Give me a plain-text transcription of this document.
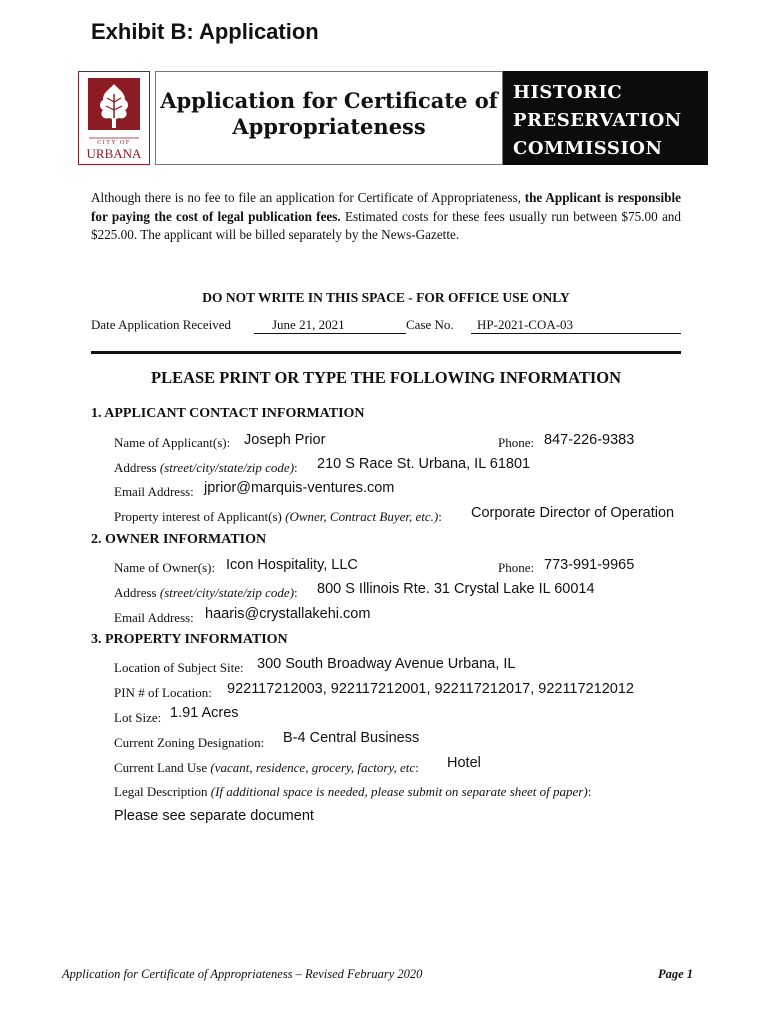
Exhibit B: Application
CITY OF
URBANA
Application for Certificate of
Appropriateness
HISTORIC
PRESERVATION
COMMISSION
Although there is no fee to file an application for Certificate of Appropriateness, the Applicant is responsible for paying the cost of legal publication fees. Estimated costs for these fees usually run between $75.00 and $225.00. The applicant will be billed separately by the News-Gazette.
DO NOT WRITE IN THIS SPACE - FOR OFFICE USE ONLY
Date Application Received	June 21, 2021	Case No.	HP-2021-COA-03
PLEASE PRINT OR TYPE THE FOLLOWING INFORMATION
1. APPLICANT CONTACT INFORMATION
Name of Applicant(s): Joseph Prior	Phone: 847-226-9383
Address (street/city/state/zip code): 210 S Race St. Urbana, IL 61801
Email Address: jprior@marquis-ventures.com
Property interest of Applicant(s) (Owner, Contract Buyer, etc.): Corporate Director of Operation
2. OWNER INFORMATION
Name of Owner(s): Icon Hospitality, LLC	Phone: 773-991-9965
Address (street/city/state/zip code): 800 S Illinois Rte. 31 Crystal Lake IL 60014
Email Address: haaris@crystallakehi.com
3. PROPERTY INFORMATION
Location of Subject Site: 300 South Broadway Avenue Urbana, IL
PIN # of Location: 922117212003, 922117212001, 922117212017, 922117212012
Lot Size: 1.91 Acres
Current Zoning Designation: B-4 Central Business
Current Land Use (vacant, residence, grocery, factory, etc: Hotel
Legal Description (If additional space is needed, please submit on separate sheet of paper):
Please see separate document
Application for Certificate of Appropriateness – Revised February 2020	Page 1
